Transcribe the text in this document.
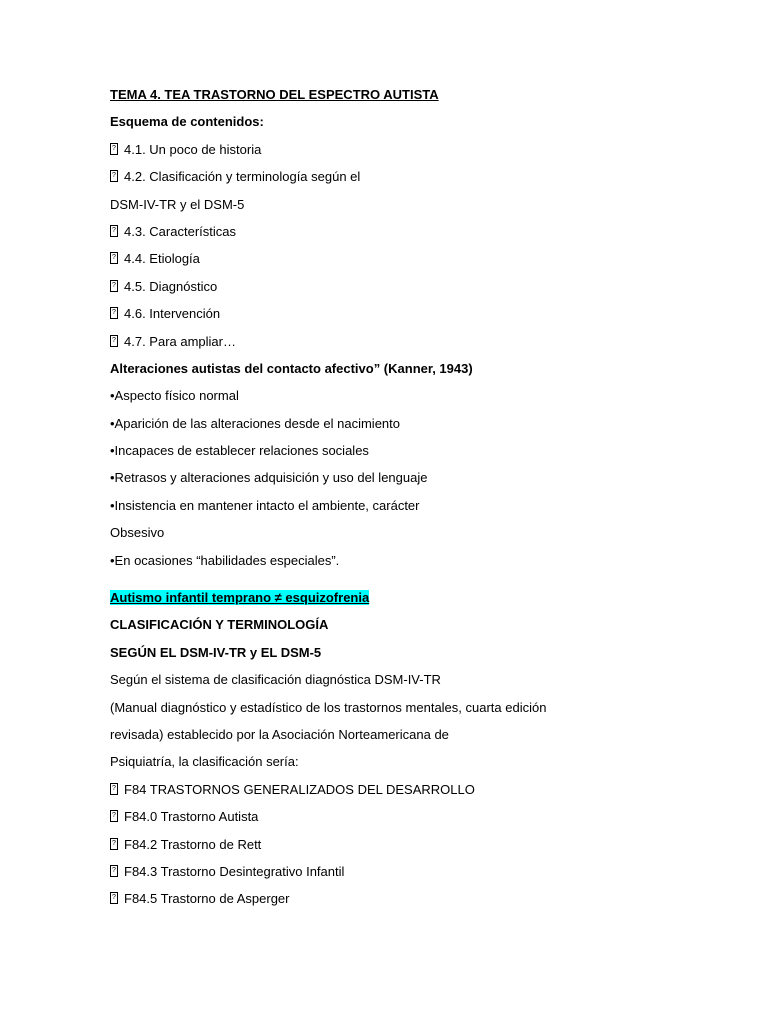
TEMA 4. TEA TRASTORNO DEL ESPECTRO AUTISTA
Esquema de contenidos:
? 4.1. Un poco de historia
? 4.2. Clasificación y terminología según el
DSM-IV-TR y el DSM-5
? 4.3. Características
? 4.4. Etiología
? 4.5. Diagnóstico
? 4.6. Intervención
? 4.7. Para ampliar…
Alteraciones autistas del contacto afectivo” (Kanner, 1943)
•Aspecto físico normal
•Aparición de las alteraciones desde el nacimiento
•Incapaces de establecer relaciones sociales
•Retrasos y alteraciones adquisición y uso del lenguaje
•Insistencia en mantener intacto el ambiente, carácter
Obsesivo
•En ocasiones “habilidades especiales”.
Autismo infantil temprano ≠ esquizofrenia
CLASIFICACIÓN Y TERMINOLOGÍA
SEGÚN EL DSM-IV-TR y EL DSM-5
Según el sistema de clasificación diagnóstica DSM-IV-TR
(Manual diagnóstico y estadístico de los trastornos mentales, cuarta edición
revisada) establecido por la Asociación Norteamericana de
Psiquiatría, la clasificación sería:
? F84 TRASTORNOS GENERALIZADOS DEL DESARROLLO
? F84.0 Trastorno Autista
? F84.2 Trastorno de Rett
? F84.3 Trastorno Desintegrativo Infantil
? F84.5 Trastorno de Asperger
